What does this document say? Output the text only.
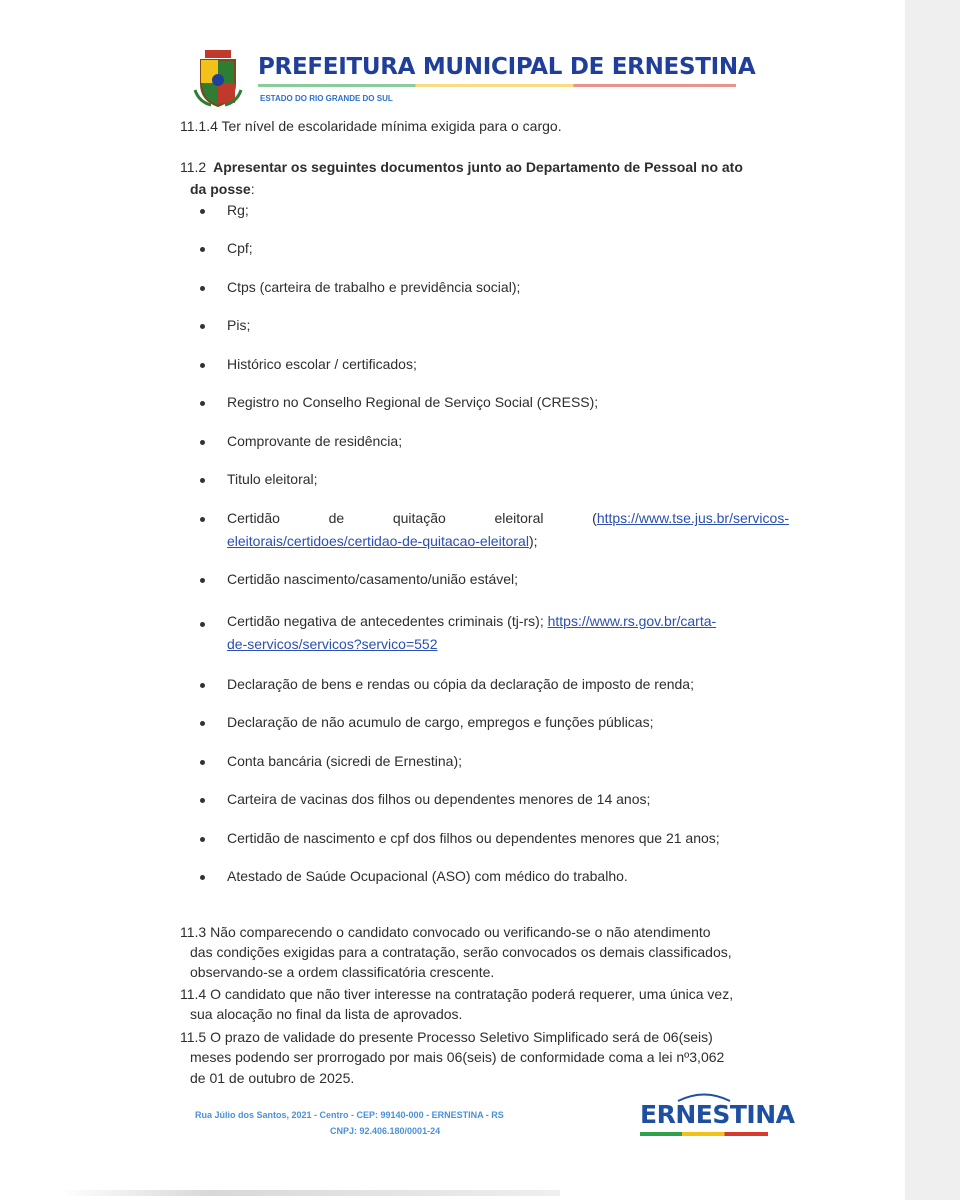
PREFEITURA MUNICIPAL DE ERNESTINA
ESTADO DO RIO GRANDE DO SUL
11.1.4 Ter nível de escolaridade mínima exigida para o cargo.
11.2 Apresentar os seguintes documentos junto ao Departamento de Pessoal no ato
da posse:
Rg;
Cpf;
Ctps (carteira de trabalho e previdência social);
Pis;
Histórico escolar / certificados;
Registro no Conselho Regional de Serviço Social (CRESS);
Comprovante de residência;
Titulo eleitoral;
Certidão	de	quitação	eleitoral	(https://www.tse.jus.br/servicos-
eleitorais/certidoes/certidao-de-quitacao-eleitoral);
Certidão nascimento/casamento/união estável;
Certidão negativa de antecedentes criminais (tj-rs); https://www.rs.gov.br/carta-
de-servicos/servicos?servico=552
Declaração de bens e rendas ou cópia da declaração de imposto de renda;
Declaração de não acumulo de cargo, empregos e funções públicas;
Conta bancária (sicredi de Ernestina);
Carteira de vacinas dos filhos ou dependentes menores de 14 anos;
Certidão de nascimento e cpf dos filhos ou dependentes menores que 21 anos;
Atestado de Saúde Ocupacional (ASO) com médico do trabalho.
11.3 Não comparecendo o candidato convocado ou verificando-se o não atendimento
das condições exigidas para a contratação, serão convocados os demais classificados,
observando-se a ordem classificatória crescente.
11.4 O candidato que não tiver interesse na contratação poderá requerer, uma única vez,
sua alocação no final da lista de aprovados.
11.5 O prazo de validade do presente Processo Seletivo Simplificado será de 06(seis)
meses podendo ser prorrogado por mais 06(seis) de conformidade coma a lei nº3,062
de 01 de outubro de 2025.
Rua Júlio dos Santos, 2021 - Centro - CEP: 99140-000 - ERNESTINA - RS
CNPJ: 92.406.180/0001-24
ERNESTINA
